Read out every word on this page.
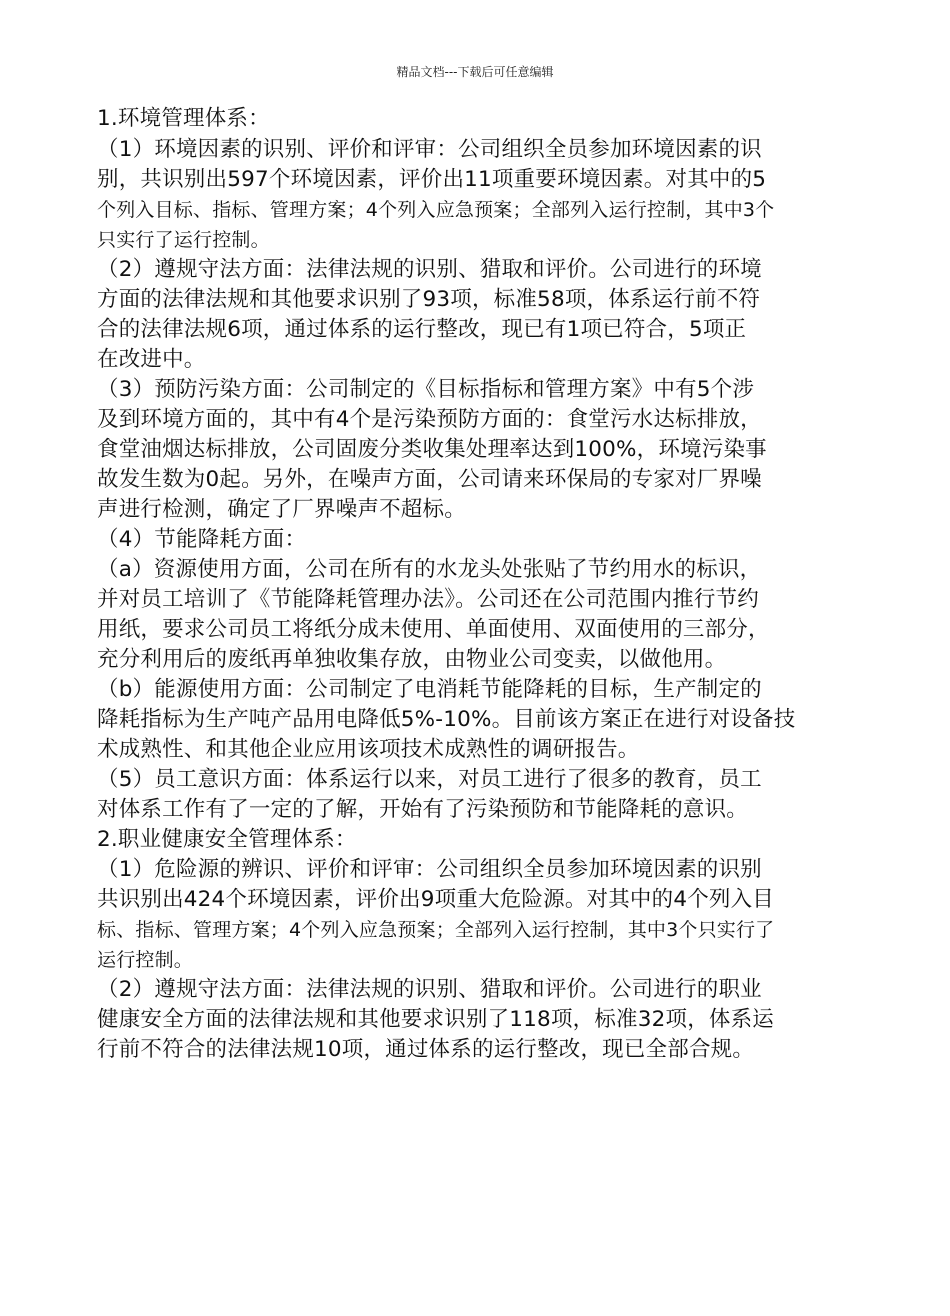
精品文档---下载后可任意编辑
1.环境管理体系：
（1）环境因素的识别、评价和评审：公司组织全员参加环境因素的识
别，共识别出597个环境因素，评价出11项重要环境因素。对其中的5
个列入目标、指标、管理方案；4个列入应急预案；全部列入运行控制，其中3个
只实行了运行控制。
（2）遵规守法方面：法律法规的识别、猎取和评价。公司进行的环境
方面的法律法规和其他要求识别了93项，标准58项，体系运行前不符
合的法律法规6项，通过体系的运行整改，现已有1项已符合，5项正
在改进中。
（3）预防污染方面：公司制定的《目标指标和管理方案》中有5个涉
及到环境方面的，其中有4个是污染预防方面的：食堂污水达标排放，
食堂油烟达标排放，公司固废分类收集处理率达到100%，环境污染事
故发生数为0起。另外，在噪声方面，公司请来环保局的专家对厂界噪
声进行检测，确定了厂界噪声不超标。
（4）节能降耗方面：
（a）资源使用方面，公司在所有的水龙头处张贴了节约用水的标识，
并对员工培训了《节能降耗管理办法》。公司还在公司范围内推行节约
用纸，要求公司员工将纸分成未使用、单面使用、双面使用的三部分，
充分利用后的废纸再单独收集存放，由物业公司变卖，以做他用。
（b）能源使用方面：公司制定了电消耗节能降耗的目标，生产制定的
降耗指标为生产吨产品用电降低5%-10%。目前该方案正在进行对设备技
术成熟性、和其他企业应用该项技术成熟性的调研报告。
（5）员工意识方面：体系运行以来，对员工进行了很多的教育，员工
对体系工作有了一定的了解，开始有了污染预防和节能降耗的意识。
2.职业健康安全管理体系：
（1）危险源的辨识、评价和评审：公司组织全员参加环境因素的识别
共识别出424个环境因素，评价出9项重大危险源。对其中的4个列入目
标、指标、管理方案；4个列入应急预案；全部列入运行控制，其中3个只实行了
运行控制。
（2）遵规守法方面：法律法规的识别、猎取和评价。公司进行的职业
健康安全方面的法律法规和其他要求识别了118项，标准32项，体系运
行前不符合的法律法规10项，通过体系的运行整改，现已全部合规。
